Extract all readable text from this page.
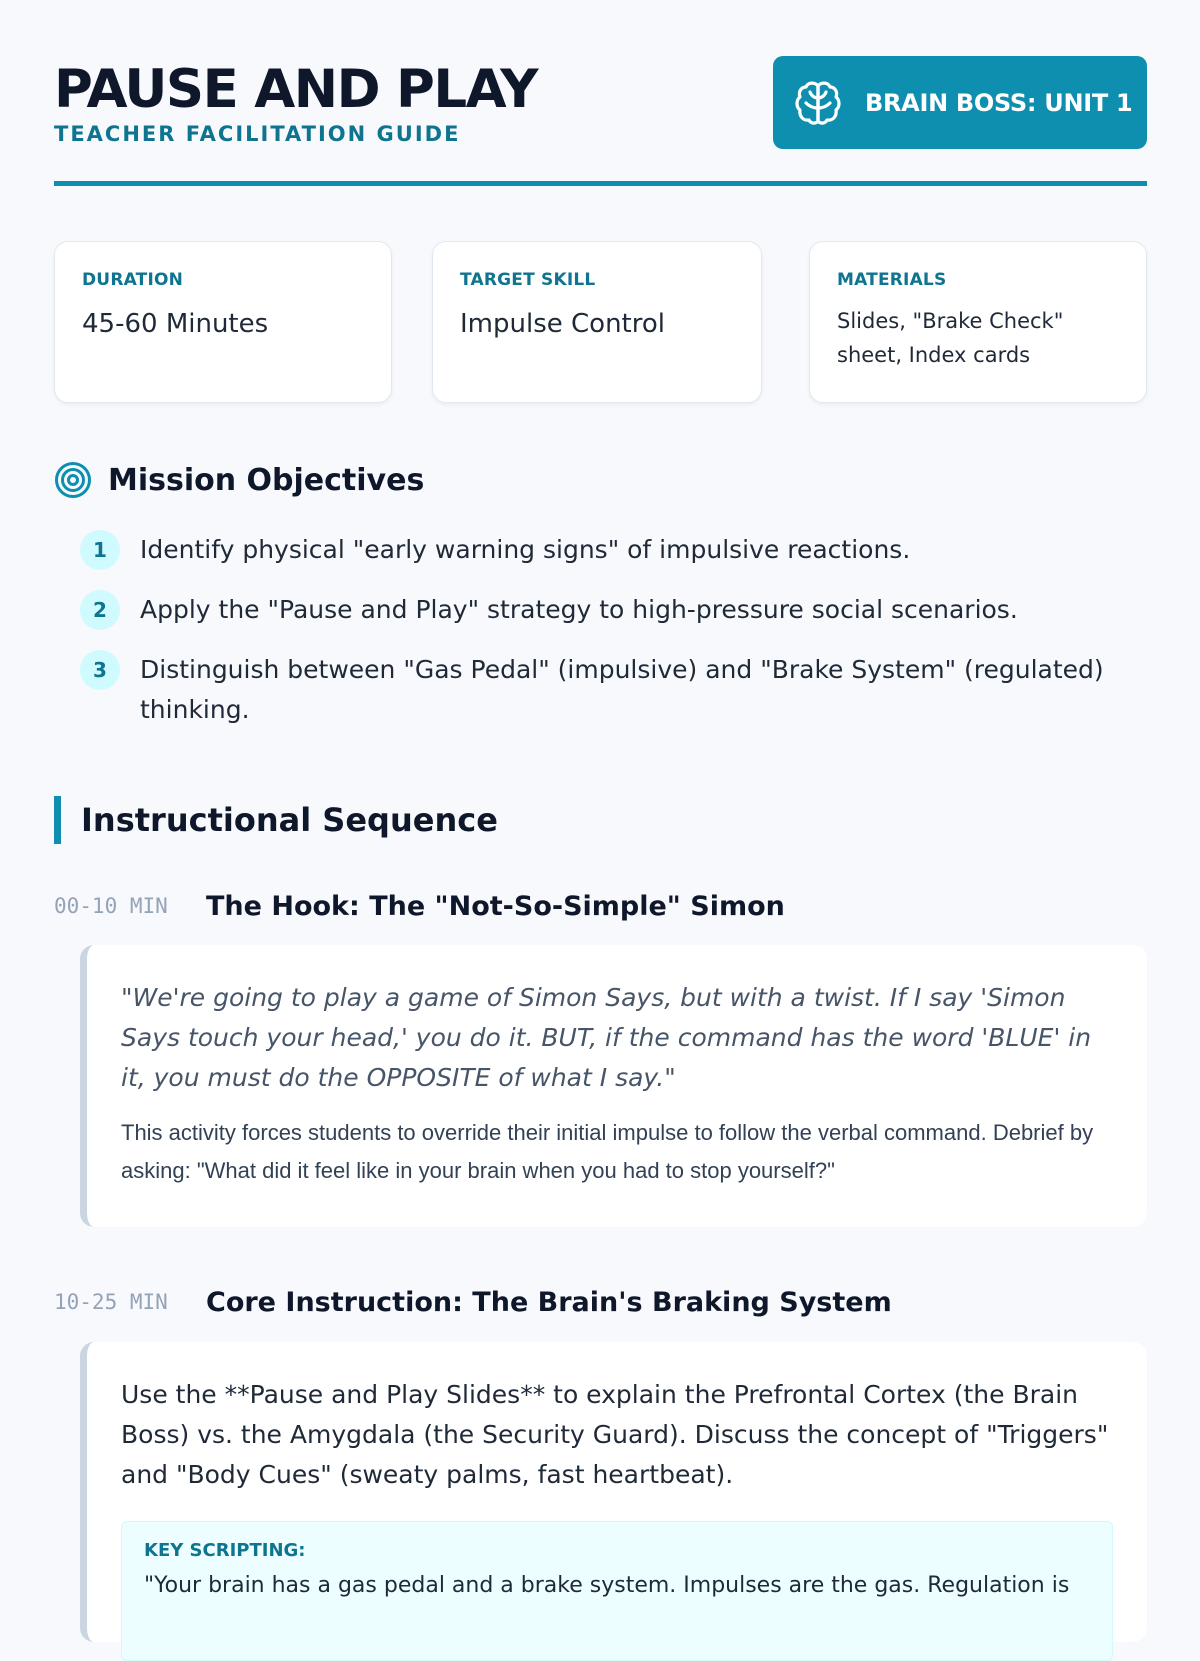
PAUSE AND PLAY
TEACHER FACILITATION GUIDE
BRAIN BOSS: UNIT 1
DURATION
45-60 Minutes
TARGET SKILL
Impulse Control
MATERIALS
Slides, "Brake Check" sheet, Index cards
Mission Objectives
1	Identify physical "early warning signs" of impulsive reactions.
2	Apply the "Pause and Play" strategy to high-pressure social scenarios.
3	Distinguish between "Gas Pedal" (impulsive) and "Brake System" (regulated) thinking.
Instructional Sequence
00-10 MIN	The Hook: The "Not-So-Simple" Simon
"We're going to play a game of Simon Says, but with a twist. If I say 'Simon Says touch your head,' you do it. BUT, if the command has the word 'BLUE' in it, you must do the OPPOSITE of what I say."
This activity forces students to override their initial impulse to follow the verbal command. Debrief by asking: "What did it feel like in your brain when you had to stop yourself?"
10-25 MIN	Core Instruction: The Brain's Braking System
Use the **Pause and Play Slides** to explain the Prefrontal Cortex (the Brain Boss) vs. the Amygdala (the Security Guard). Discuss the concept of "Triggers" and "Body Cues" (sweaty palms, fast heartbeat).
KEY SCRIPTING:
"Your brain has a gas pedal and a brake system. Impulses are the gas. Regulation is
